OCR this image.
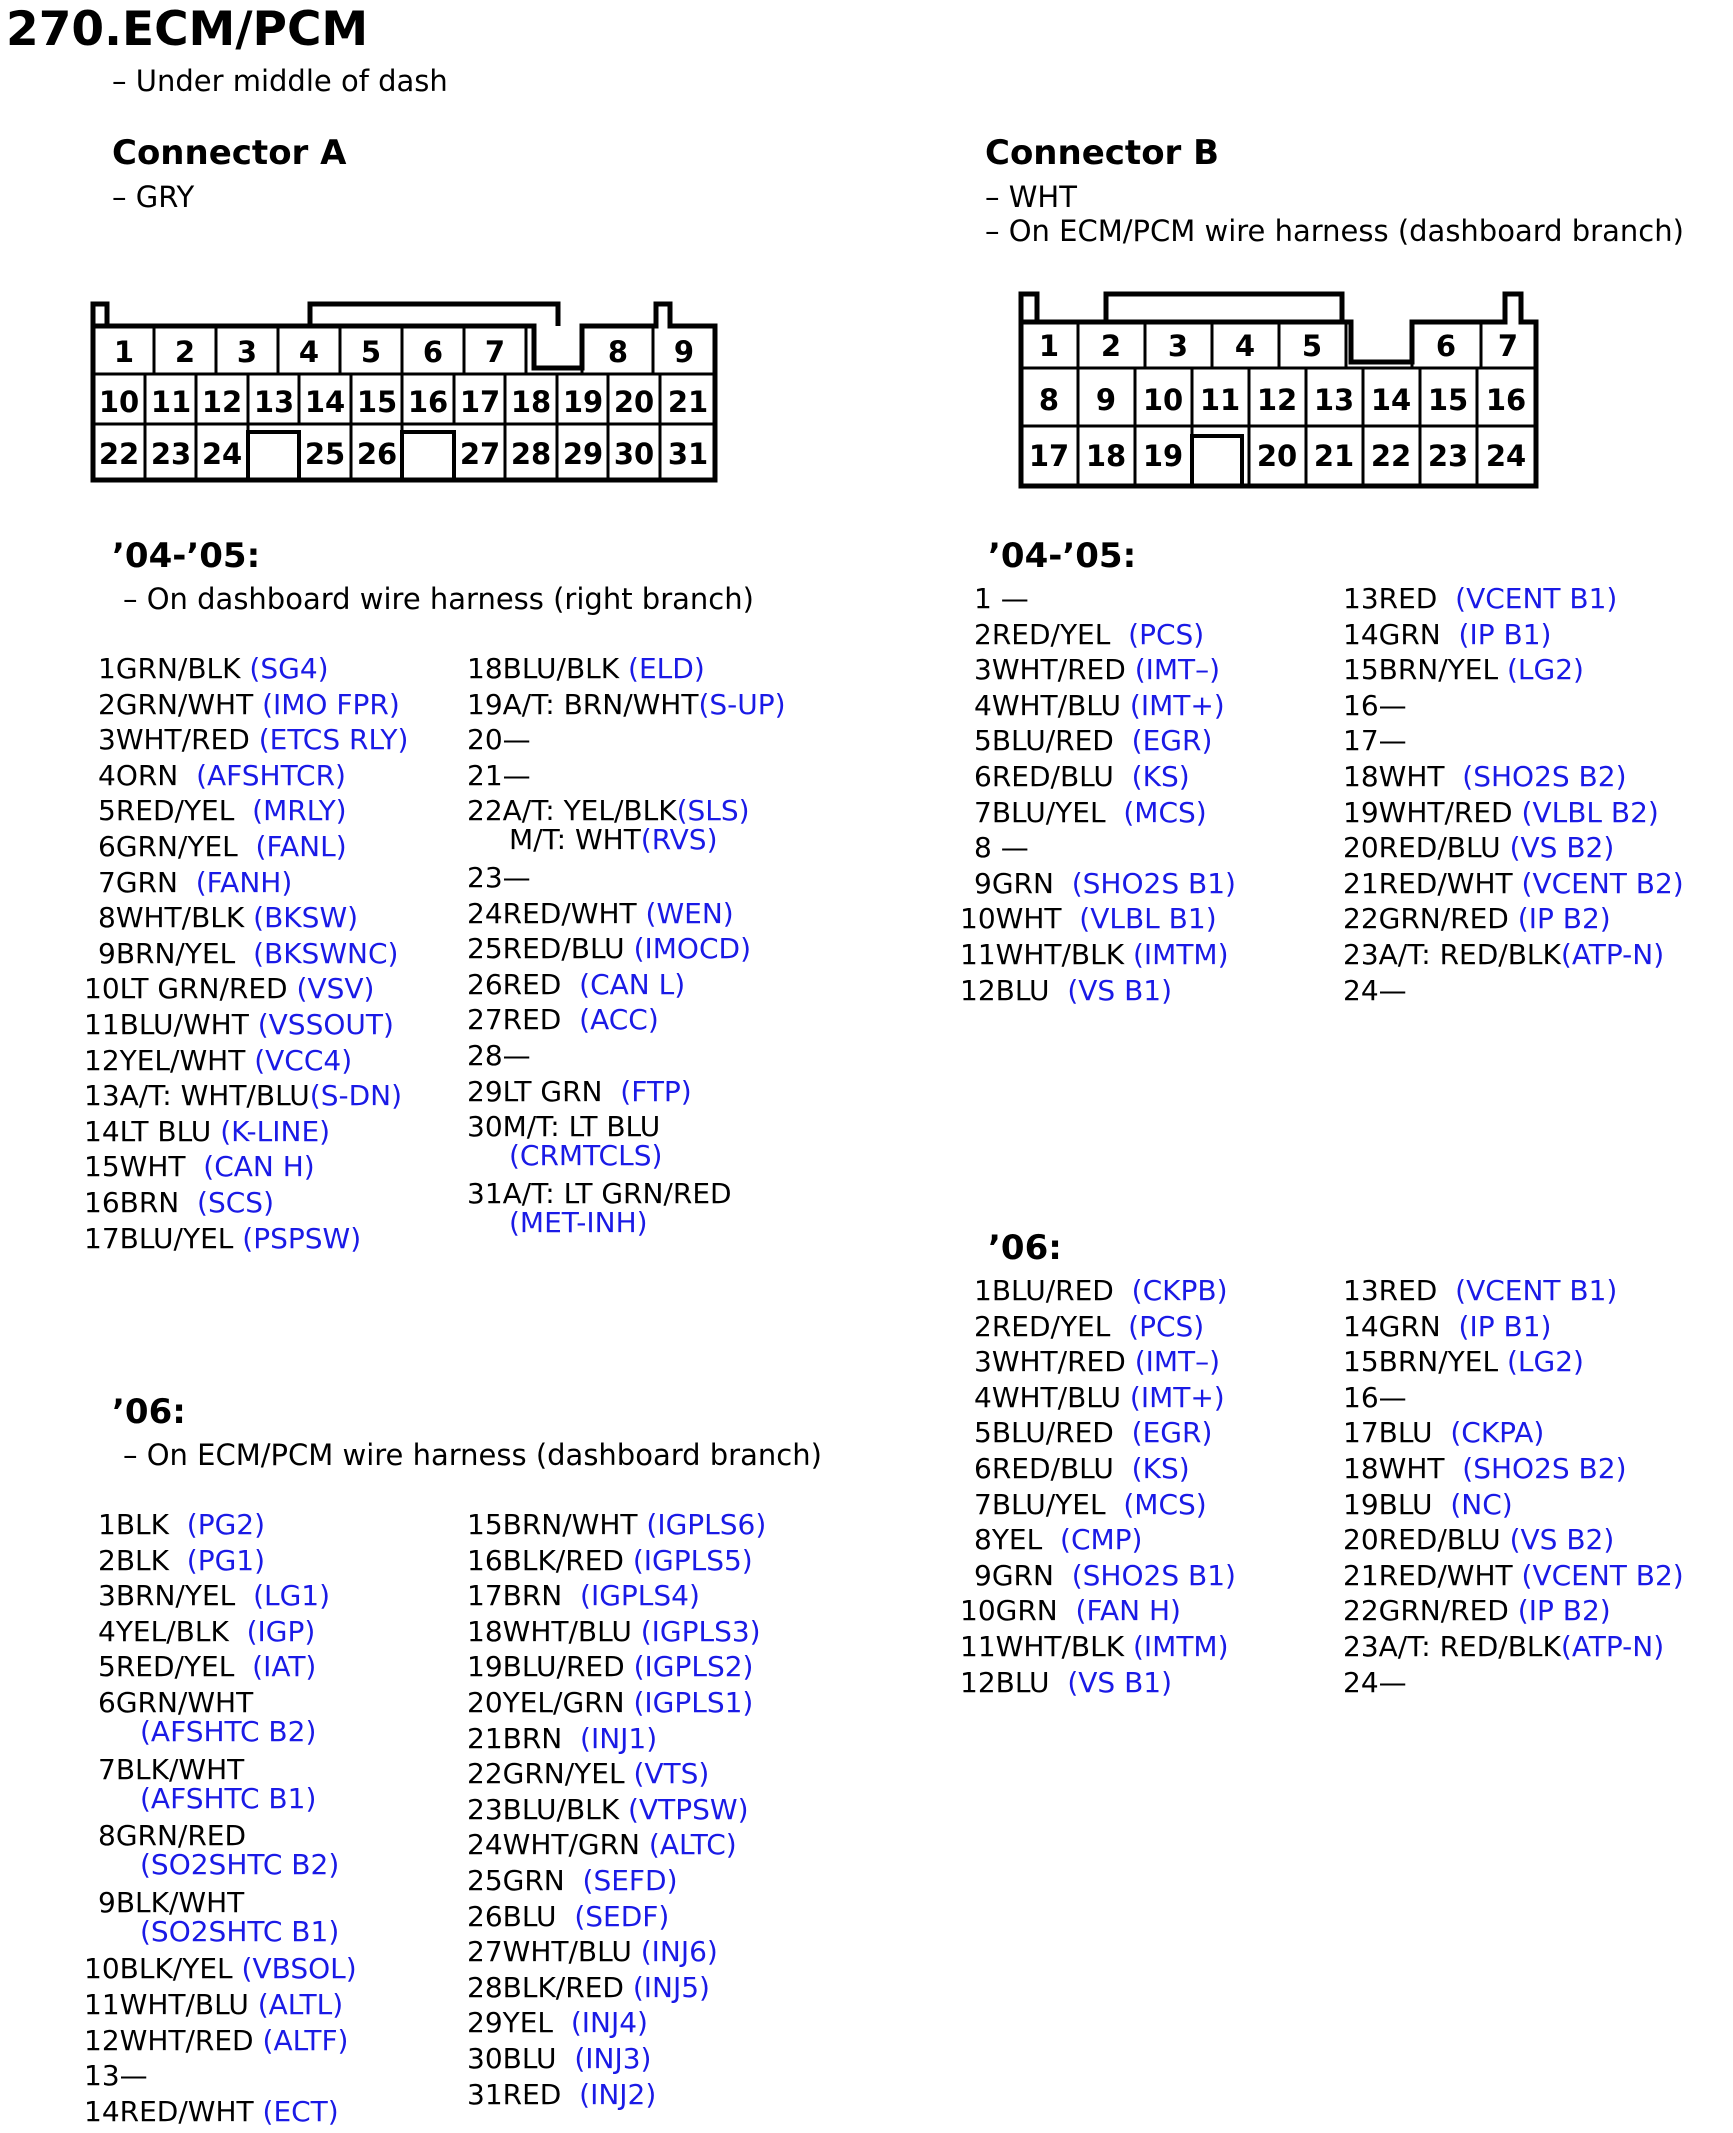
270.ECM/PCM
– Under middle of dash
Connector A
– GRY
Connector B
– WHT
– On ECM/PCM wire harness (dashboard branch)
1 2 3 4 5 6 7	8 9
10 11 12 13 14 15 16 17 18 19 20 21
22 23 24 25 26 27 28 29 30 31
1 2 3 4 5	6 7
8 9 10 11 12 13 14 15 16
17 18 19	20 21 22 23 24
’04-’05:
– On dashboard wire harness (right branch)
’06:
– On ECM/PCM wire harness (dashboard branch)
’04-’05:
’06:
1GRN/BLK (SG4)
2GRN/WHT (IMO FPR)
3WHT/RED (ETCS RLY)
4ORN  (AFSHTCR)
5RED/YEL  (MRLY)
6GRN/YEL  (FANL)
7GRN  (FANH)
8WHT/BLK (BKSW)
9BRN/YEL  (BKSWNC)
10LT GRN/RED (VSV)
11BLU/WHT (VSSOUT)
12YEL/WHT (VCC4)
13A/T: WHT/BLU(S-DN)
14LT BLU (K-LINE)
15WHT  (CAN H)
16BRN  (SCS)
17BLU/YEL (PSPSW)
18BLU/BLK (ELD)
19A/T: BRN/WHT(S-UP)
20—
21—
22A/T: YEL/BLK(SLS)
M/T: WHT(RVS)
23—
24RED/WHT (WEN)
25RED/BLU (IMOCD)
26RED  (CAN L)
27RED  (ACC)
28—
29LT GRN  (FTP)
30M/T: LT BLU
(CRMTCLS)
31A/T: LT GRN/RED
(MET-INH)
1BLK  (PG2)
2BLK  (PG1)
3BRN/YEL  (LG1)
4YEL/BLK  (IGP)
5RED/YEL  (IAT)
6GRN/WHT
(AFSHTC B2)
7BLK/WHT
(AFSHTC B1)
8GRN/RED
(SO2SHTC B2)
9BLK/WHT
(SO2SHTC B1)
10BLK/YEL (VBSOL)
11WHT/BLU (ALTL)
12WHT/RED (ALTF)
13—
14RED/WHT (ECT)
15BRN/WHT (IGPLS6)
16BLK/RED (IGPLS5)
17BRN  (IGPLS4)
18WHT/BLU (IGPLS3)
19BLU/RED (IGPLS2)
20YEL/GRN (IGPLS1)
21BRN  (INJ1)
22GRN/YEL (VTS)
23BLU/BLK (VTPSW)
24WHT/GRN (ALTC)
25GRN  (SEFD)
26BLU  (SEDF)
27WHT/BLU (INJ6)
28BLK/RED (INJ5)
29YEL  (INJ4)
30BLU  (INJ3)
31RED  (INJ2)
1 —
2RED/YEL  (PCS)
3WHT/RED (IMT–)
4WHT/BLU (IMT+)
5BLU/RED  (EGR)
6RED/BLU  (KS)
7BLU/YEL  (MCS)
8 —
9GRN  (SHO2S B1)
10WHT  (VLBL B1)
11WHT/BLK (IMTM)
12BLU  (VS B1)
13RED  (VCENT B1)
14GRN  (IP B1)
15BRN/YEL (LG2)
16—
17—
18WHT  (SHO2S B2)
19WHT/RED (VLBL B2)
20RED/BLU (VS B2)
21RED/WHT (VCENT B2)
22GRN/RED (IP B2)
23A/T: RED/BLK(ATP-N)
24—
1BLU/RED  (CKPB)
2RED/YEL  (PCS)
3WHT/RED (IMT–)
4WHT/BLU (IMT+)
5BLU/RED  (EGR)
6RED/BLU  (KS)
7BLU/YEL  (MCS)
8YEL  (CMP)
9GRN  (SHO2S B1)
10GRN  (FAN H)
11WHT/BLK (IMTM)
12BLU  (VS B1)
13RED  (VCENT B1)
14GRN  (IP B1)
15BRN/YEL (LG2)
16—
17BLU  (CKPA)
18WHT  (SHO2S B2)
19BLU  (NC)
20RED/BLU (VS B2)
21RED/WHT (VCENT B2)
22GRN/RED (IP B2)
23A/T: RED/BLK(ATP-N)
24—
